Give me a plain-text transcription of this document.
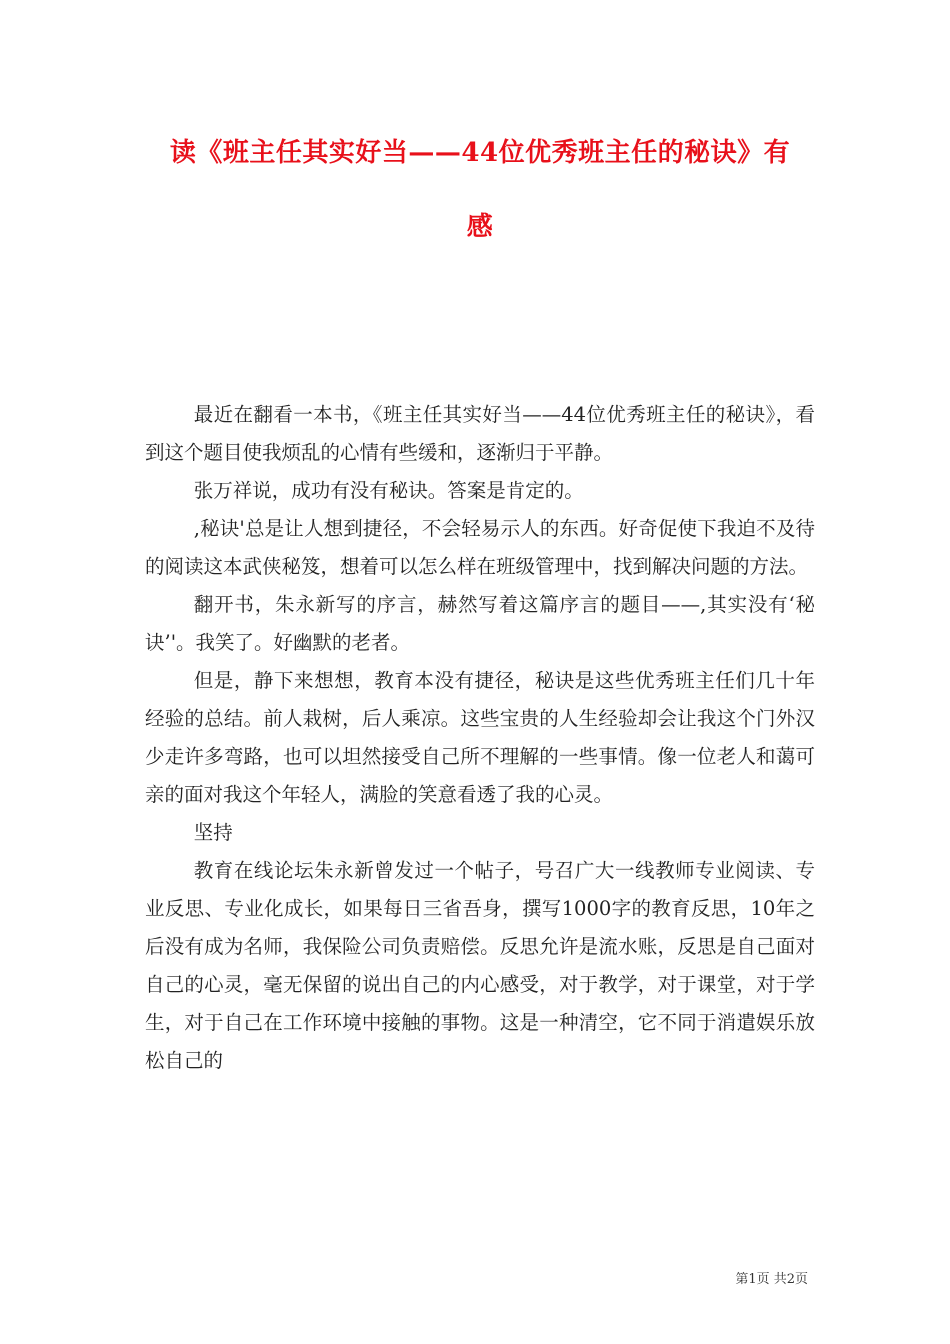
读《班主任其实好当——44位优秀班主任的秘诀》有
感

最近在翻看一本书，《班主任其实好当——44位优秀班主任的秘诀》，看到这个题目使我烦乱的心情有些缓和，逐渐归于平静。

张万祥说，成功有没有秘诀。答案是肯定的。

,秘诀'总是让人想到捷径，不会轻易示人的东西。好奇促使下我迫不及待的阅读这本武侠秘笈，想着可以怎么样在班级管理中，找到解决问题的方法。

翻开书，朱永新写的序言，赫然写着这篇序言的题目——,其实没有‘秘诀’'。我笑了。好幽默的老者。

但是，静下来想想，教育本没有捷径，秘诀是这些优秀班主任们几十年经验的总结。前人栽树，后人乘凉。这些宝贵的人生经验却会让我这个门外汉少走许多弯路，也可以坦然接受自己所不理解的一些事情。像一位老人和蔼可亲的面对我这个年轻人，满脸的笑意看透了我的心灵。

坚持

教育在线论坛朱永新曾发过一个帖子，号召广大一线教师专业阅读、专业反思、专业化成长，如果每日三省吾身，撰写1000字的教育反思，10年之后没有成为名师，我保险公司负责赔偿。反思允许是流水账，反思是自己面对自己的心灵，毫无保留的说出自己的内心感受，对于教学，对于课堂，对于学生，对于自己在工作环境中接触的事物。这是一种清空，它不同于消遣娱乐放松自己的

第1页 共2页
